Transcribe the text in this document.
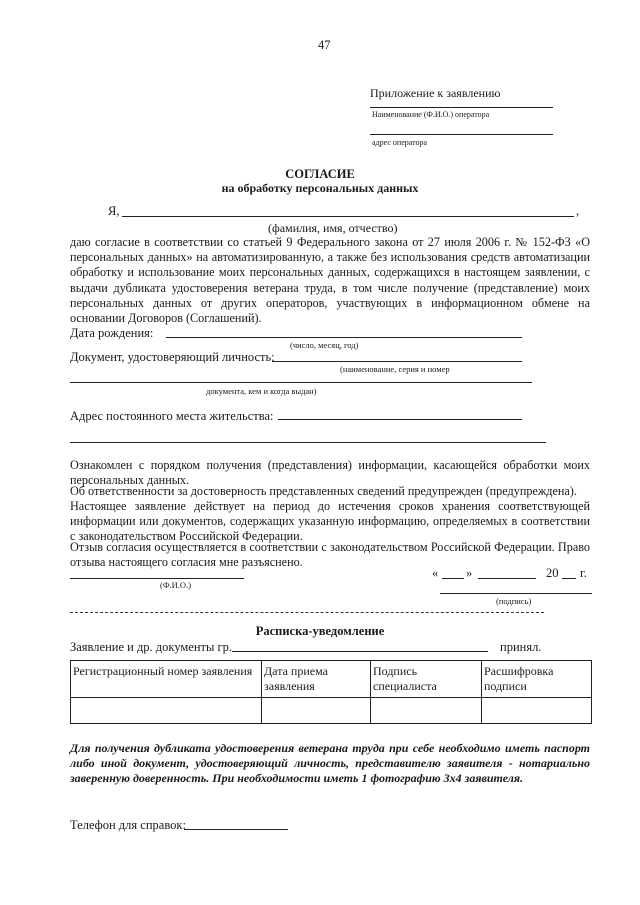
47
Приложение к заявлению
Наименование (Ф.И.О.) оператора
адрес оператора
СОГЛАСИЕ
на обработку персональных данных
Я,	,
(фамилия, имя, отчество)
даю согласие в соответствии со статьей 9 Федерального закона от 27 июля 2006 г. № 152-ФЗ «О персональных данных» на автоматизированную, а также без использования средств автоматизации обработку и использование моих персональных данных, содержащихся в настоящем заявлении, с выдачи дубликата удостоверения ветерана труда, в том числе получение (представление) моих персональных данных от других операторов, участвующих в информационном обмене на основании Договоров (Соглашений).
Дата рождения:
(число, месяц, год)
Документ, удостоверяющий личность:
(наименование, серия и номер
документа, кем и когда выдан)
Адрес постоянного места жительства:
Ознакомлен с порядком получения (представления) информации, касающейся обработки моих персональных данных.
Об ответственности за достоверность представленных сведений предупрежден (предупреждена).
Настоящее заявление действует на период до истечения сроков хранения соответствующей информации или документов, содержащих указанную информацию, определяемых в соответствии с законодательством Российской Федерации.
Отзыв согласия осуществляется в соответствии с законодательством Российской Федерации. Право отзыва настоящего согласия мне разъяснено.
« »	20 г.
(Ф.И.О.)
(подпись)
Расписка-уведомление
Заявление и др. документы гр.	принял.
Регистрационный номер заявления	Дата приема заявления	Подпись специалиста	Расшифровка подписи

Для получения дубликата удостоверения ветерана труда при себе необходимо иметь паспорт либо иной документ, удостоверяющий личность, представителю заявителя - нотариально заверенную доверенность. При необходимости иметь 1 фотографию 3х4 заявителя.
Телефон для справок:
